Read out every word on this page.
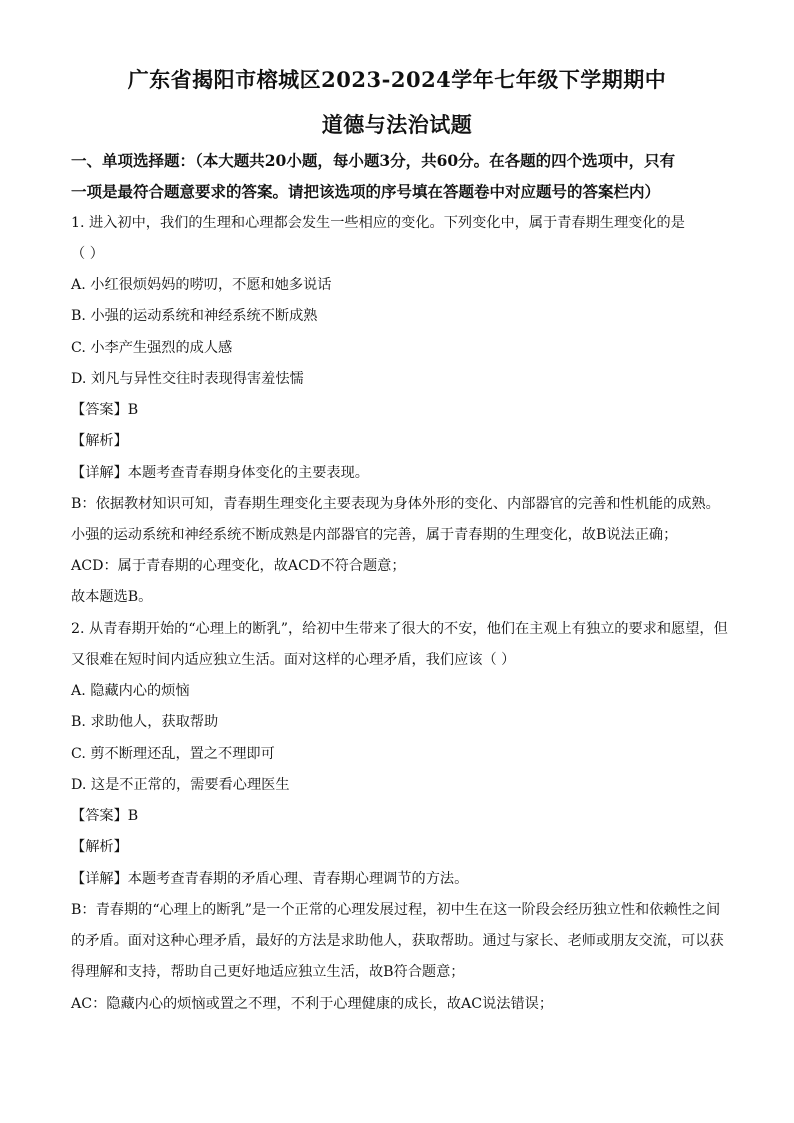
广东省揭阳市榕城区2023-2024学年七年级下学期期中
道德与法治试题

一、单项选择题：（本大题共20小题，每小题3分，共60分。在各题的四个选项中，只有

一项是最符合题意要求的答案。请把该选项的序号填在答题卷中对应题号的答案栏内）

1. 进入初中，我们的生理和心理都会发生一些相应的变化。下列变化中，属于青春期生理变化的是
（ ）
A. 小红很烦妈妈的唠叨，不愿和她多说话
B. 小强的运动系统和神经系统不断成熟
C. 小李产生强烈的成人感
D. 刘凡与异性交往时表现得害羞怯懦
【答案】B
【解析】
【详解】本题考查青春期身体变化的主要表现。
B：依据教材知识可知，青春期生理变化主要表现为身体外形的变化、内部器官的完善和性机能的成熟。
小强的运动系统和神经系统不断成熟是内部器官的完善，属于青春期的生理变化，故B说法正确；
ACD：属于青春期的心理变化，故ACD不符合题意；
故本题选B。
2. 从青春期开始的“心理上的断乳”，给初中生带来了很大的不安，他们在主观上有独立的要求和愿望，但
又很难在短时间内适应独立生活。面对这样的心理矛盾，我们应该（ ）
A. 隐藏内心的烦恼
B. 求助他人，获取帮助
C. 剪不断理还乱，置之不理即可
D. 这是不正常的，需要看心理医生
【答案】B
【解析】
【详解】本题考查青春期的矛盾心理、青春期心理调节的方法。
B：青春期的“心理上的断乳”是一个正常的心理发展过程，初中生在这一阶段会经历独立性和依赖性之间
的矛盾。面对这种心理矛盾，最好的方法是求助他人，获取帮助。通过与家长、老师或朋友交流，可以获
得理解和支持，帮助自己更好地适应独立生活，故B符合题意；
AC：隐藏内心的烦恼或置之不理，不利于心理健康的成长，故AC说法错误；
